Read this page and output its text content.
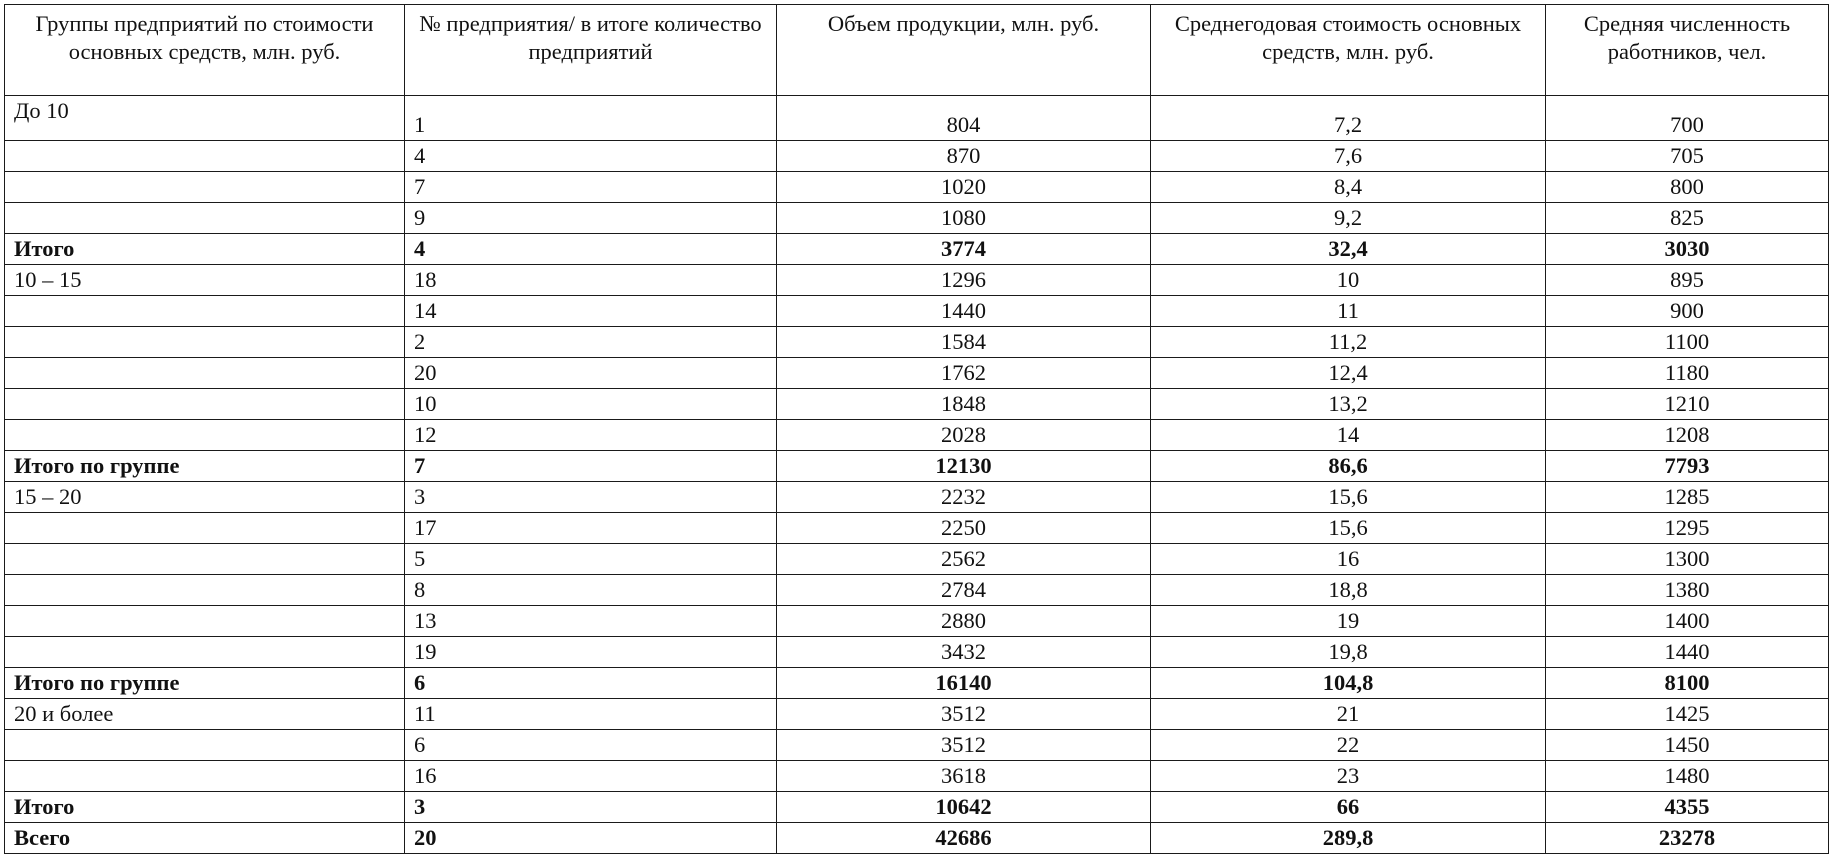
Группы предприятий по стоимости основных средств, млн. руб.	№ предприятия/ в итоге количество предприятий	Объем продукции, млн. руб.	Среднегодовая стоимость основных средств, млн. руб.	Средняя численность работников, чел.
До 10	1	804	7,2	700
	4	870	7,6	705
	7	1020	8,4	800
	9	1080	9,2	825
Итого	4	3774	32,4	3030
10 – 15	18	1296	10	895
	14	1440	11	900
	2	1584	11,2	1100
	20	1762	12,4	1180
	10	1848	13,2	1210
	12	2028	14	1208
Итого по группе	7	12130	86,6	7793
15 – 20	3	2232	15,6	1285
	17	2250	15,6	1295
	5	2562	16	1300
	8	2784	18,8	1380
	13	2880	19	1400
	19	3432	19,8	1440
Итого по группе	6	16140	104,8	8100
20 и более	11	3512	21	1425
	6	3512	22	1450
	16	3618	23	1480
Итого	3	10642	66	4355
Всего	20	42686	289,8	23278
